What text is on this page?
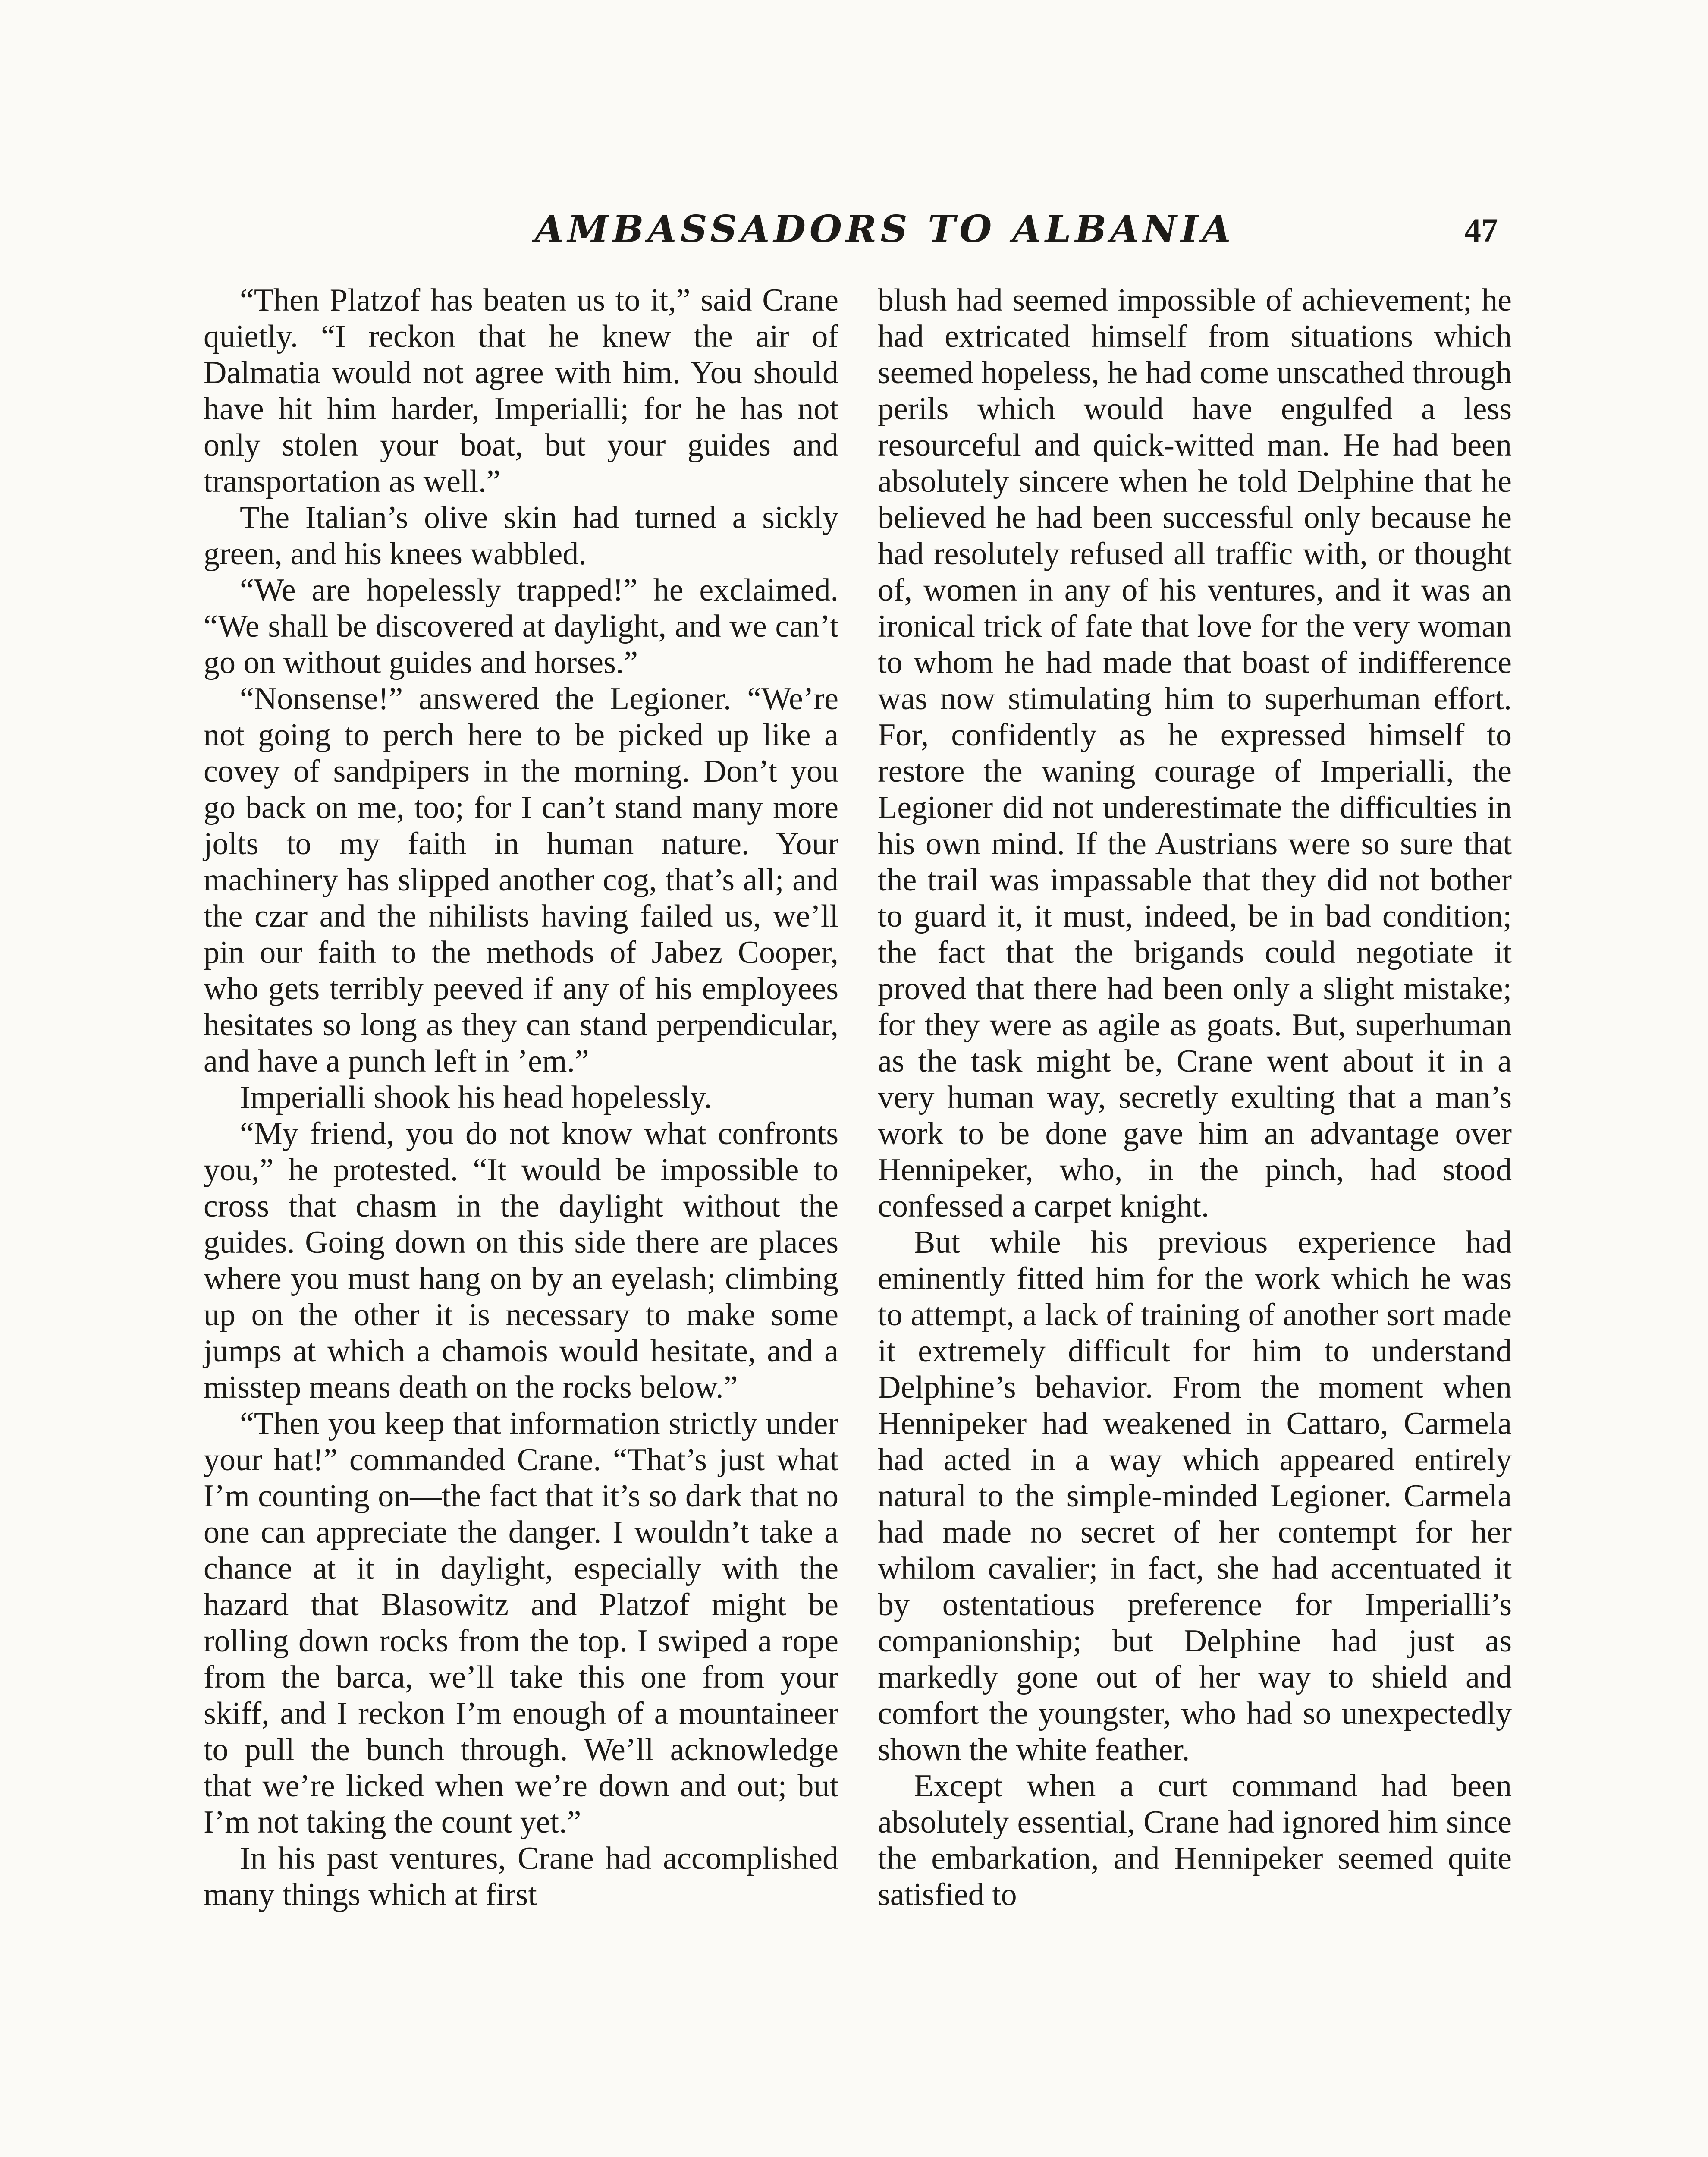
AMBASSADORS TO ALBANIA	47

“Then Platzof has beaten us to it,” said Crane quietly. “I reckon that he knew the air of Dalmatia would not agree with him. You should have hit him harder, Imperialli; for he has not only stolen your boat, but your guides and transportation as well.”

The Italian’s olive skin had turned a sickly green, and his knees wabbled.

“We are hopelessly trapped!” he exclaimed. “We shall be discovered at daylight, and we can’t go on without guides and horses.”

“Nonsense!” answered the Legioner. “We’re not going to perch here to be picked up like a covey of sandpipers in the morning. Don’t you go back on me, too; for I can’t stand many more jolts to my faith in human nature. Your machinery has slipped another cog, that’s all; and the czar and the nihilists having failed us, we’ll pin our faith to the methods of Jabez Cooper, who gets terribly peeved if any of his employees hesitates so long as they can stand perpendicular, and have a punch left in ’em.”

Imperialli shook his head hopelessly.

“My friend, you do not know what confronts you,” he protested. “It would be impossible to cross that chasm in the daylight without the guides. Going down on this side there are places where you must hang on by an eyelash; climbing up on the other it is necessary to make some jumps at which a chamois would hesitate, and a misstep means death on the rocks below.”

“Then you keep that information strictly under your hat!” commanded Crane. “That’s just what I’m counting on—the fact that it’s so dark that no one can appreciate the danger. I wouldn’t take a chance at it in daylight, especially with the hazard that Blasowitz and Platzof might be rolling down rocks from the top. I swiped a rope from the barca, we’ll take this one from your skiff, and I reckon I’m enough of a mountaineer to pull the bunch through. We’ll acknowledge that we’re licked when we’re down and out; but I’m not taking the count yet.”

In his past ventures, Crane had accomplished many things which at first

blush had seemed impossible of achievement; he had extricated himself from situations which seemed hopeless, he had come unscathed through perils which would have engulfed a less resourceful and quick-witted man. He had been absolutely sincere when he told Delphine that he believed he had been successful only because he had resolutely refused all traffic with, or thought of, women in any of his ventures, and it was an ironical trick of fate that love for the very woman to whom he had made that boast of indifference was now stimulating him to superhuman effort. For, confidently as he expressed himself to restore the waning courage of Imperialli, the Legioner did not underestimate the difficulties in his own mind. If the Austrians were so sure that the trail was impassable that they did not bother to guard it, it must, indeed, be in bad condition; the fact that the brigands could negotiate it proved that there had been only a slight mistake; for they were as agile as goats. But, superhuman as the task might be, Crane went about it in a very human way, secretly exulting that a man’s work to be done gave him an advantage over Hennipeker, who, in the pinch, had stood confessed a carpet knight.

But while his previous experience had eminently fitted him for the work which he was to attempt, a lack of training of another sort made it extremely difficult for him to understand Delphine’s behavior. From the moment when Hennipeker had weakened in Cattaro, Carmela had acted in a way which appeared entirely natural to the simple-minded Legioner. Carmela had made no secret of her contempt for her whilom cavalier; in fact, she had accentuated it by ostentatious preference for Imperialli’s companionship; but Delphine had just as markedly gone out of her way to shield and comfort the youngster, who had so unexpectedly shown the white feather.

Except when a curt command had been absolutely essential, Crane had ignored him since the embarkation, and Hennipeker seemed quite satisfied to
